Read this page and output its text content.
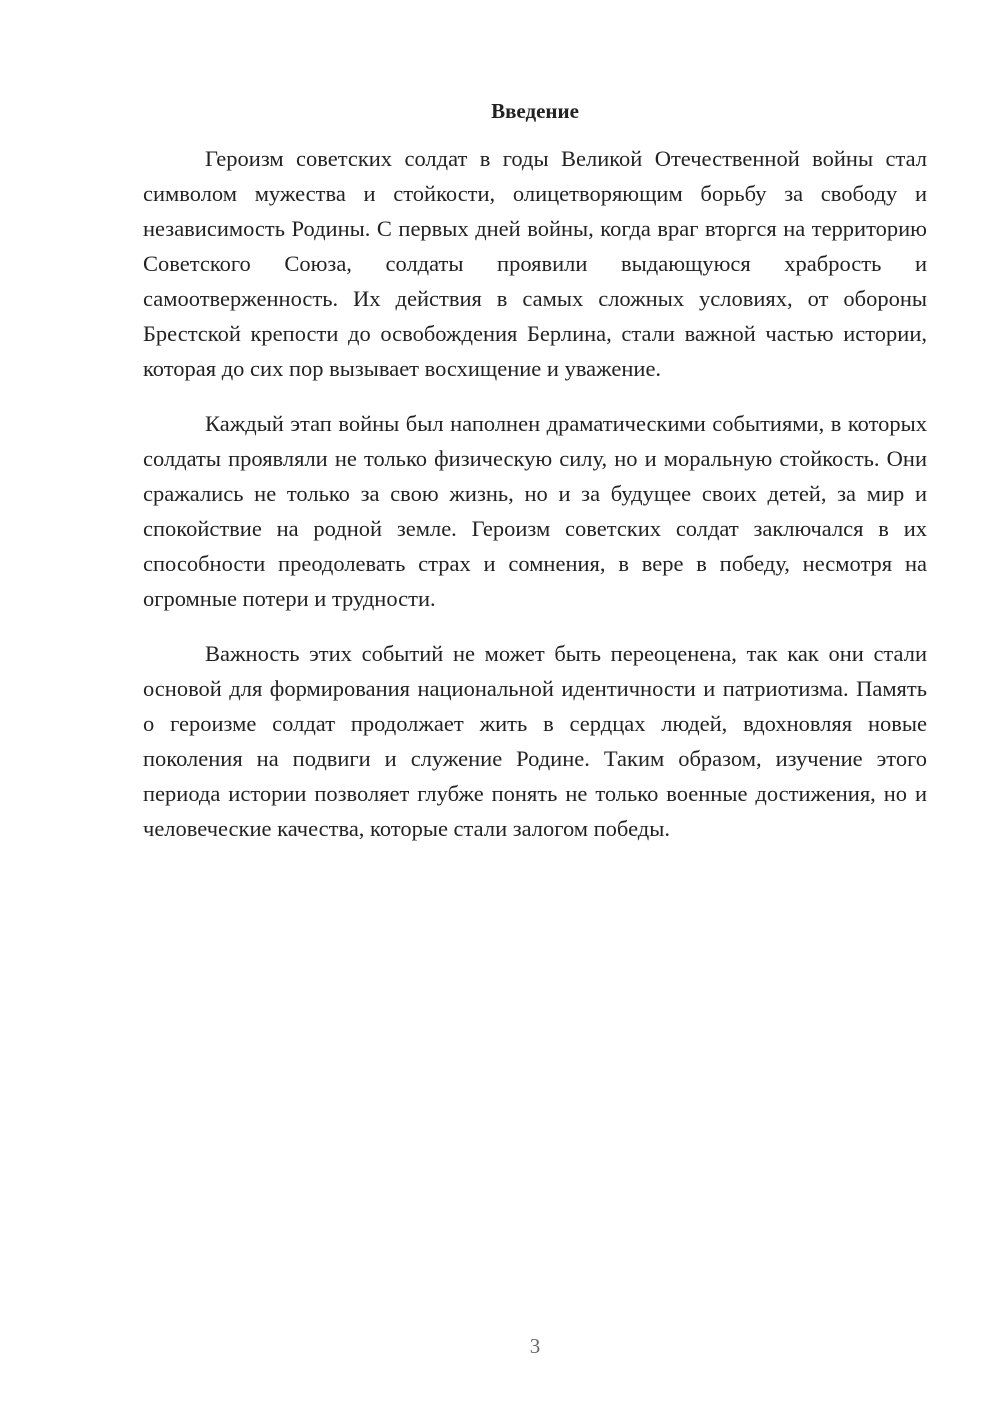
Введение

Героизм советских солдат в годы Великой Отечественной войны стал символом мужества и стойкости, олицетворяющим борьбу за свободу и независимость Родины. С первых дней войны, когда враг вторгся на территорию Советского Союза, солдаты проявили выдающуюся храбрость и самоотверженность. Их действия в самых сложных условиях, от обороны Брестской крепости до освобождения Берлина, стали важной частью истории, которая до сих пор вызывает восхищение и уважение.

Каждый этап войны был наполнен драматическими событиями, в которых солдаты проявляли не только физическую силу, но и моральную стойкость. Они сражались не только за свою жизнь, но и за будущее своих детей, за мир и спокойствие на родной земле. Героизм советских солдат заключался в их способности преодолевать страх и сомнения, в вере в победу, несмотря на огромные потери и трудности.

Важность этих событий не может быть переоценена, так как они стали основой для формирования национальной идентичности и патриотизма. Память о героизме солдат продолжает жить в сердцах людей, вдохновляя новые поколения на подвиги и служение Родине. Таким образом, изучение этого периода истории позволяет глубже понять не только военные достижения, но и человеческие качества, которые стали залогом победы.

3
